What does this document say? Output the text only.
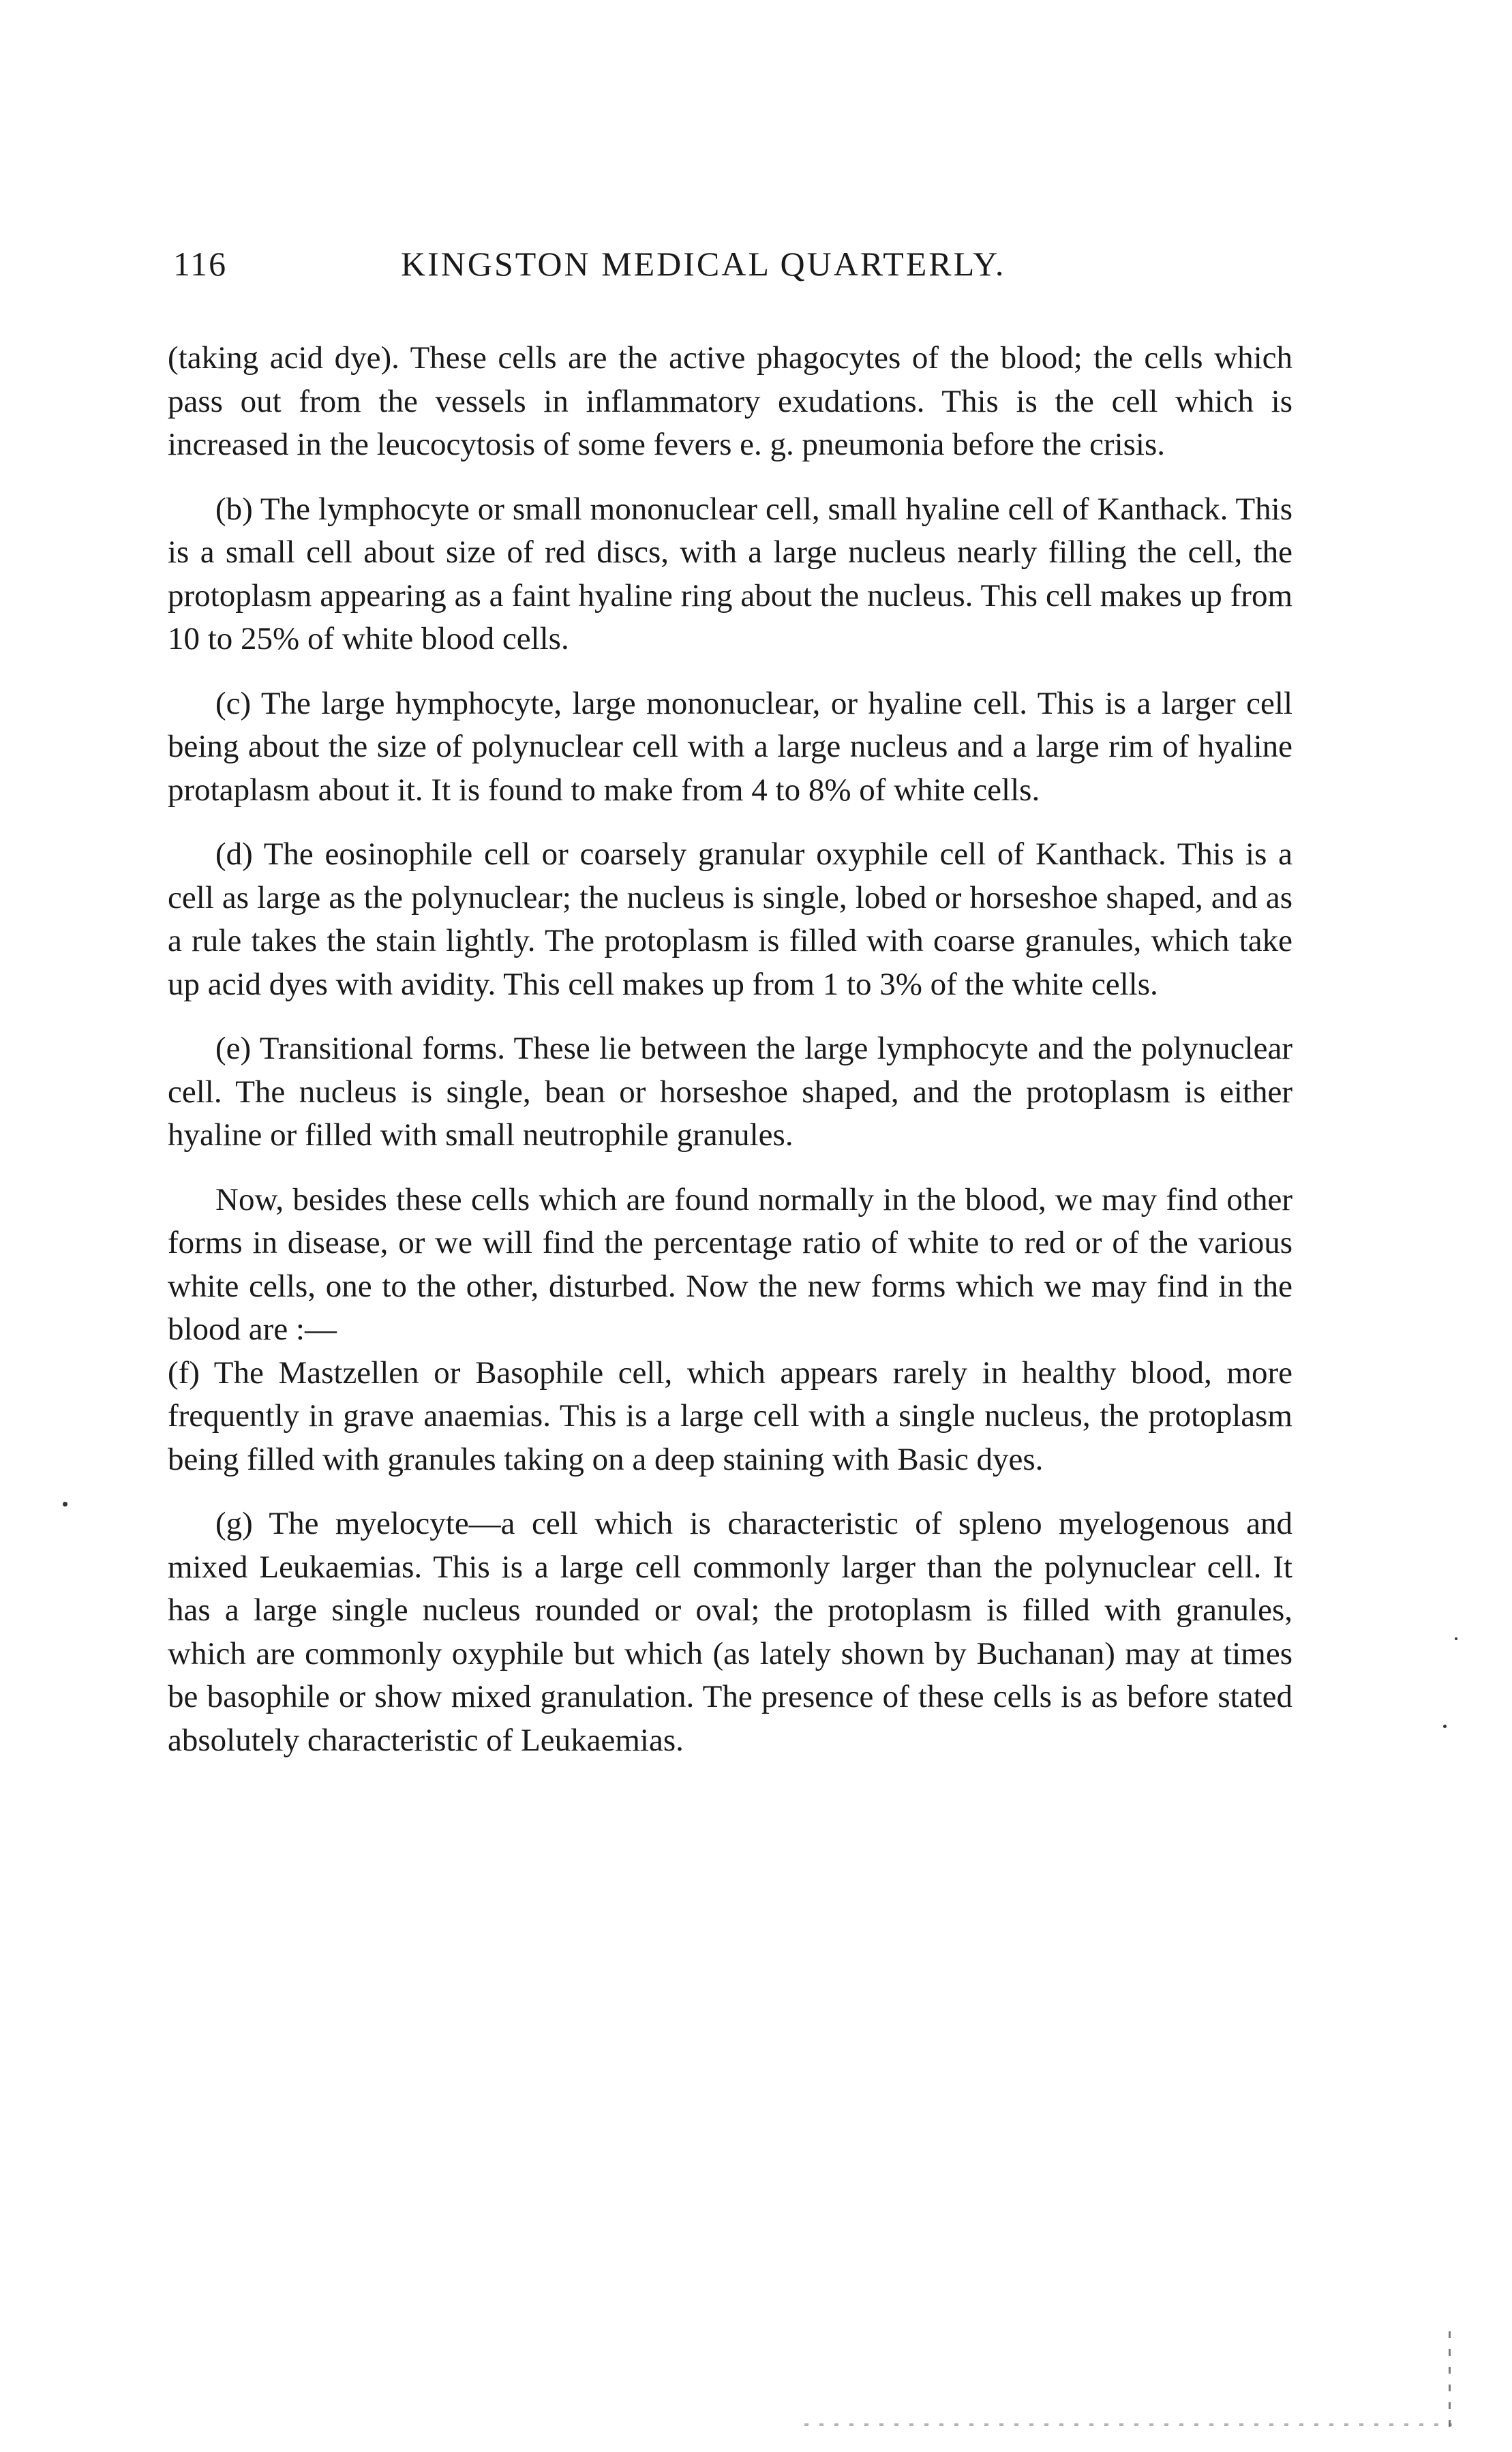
116	KINGSTON MEDICAL QUARTERLY.

(taking acid dye). These cells are the active phagocytes of the blood; the cells which pass out from the vessels in inflammatory exudations. This is the cell which is increased in the leucocytosis of some fevers e. g. pneumonia before the crisis.

(b) The lymphocyte or small mononuclear cell, small hyaline cell of Kanthack. This is a small cell about size of red discs, with a large nucleus nearly filling the cell, the protoplasm appearing as a faint hyaline ring about the nucleus. This cell makes up from 10 to 25% of white blood cells.

(c) The large hymphocyte, large mononuclear, or hyaline cell. This is a larger cell being about the size of polynuclear cell with a large nucleus and a large rim of hyaline protaplasm about it. It is found to make from 4 to 8% of white cells.

(d) The eosinophile cell or coarsely granular oxyphile cell of Kanthack. This is a cell as large as the polynuclear; the nucleus is single, lobed or horseshoe shaped, and as a rule takes the stain lightly. The protoplasm is filled with coarse granules, which take up acid dyes with avidity. This cell makes up from 1 to 3% of the white cells.

(e) Transitional forms. These lie between the large lymphocyte and the polynuclear cell. The nucleus is single, bean or horseshoe shaped, and the protoplasm is either hyaline or filled with small neutrophile granules.

Now, besides these cells which are found normally in the blood, we may find other forms in disease, or we will find the percentage ratio of white to red or of the various white cells, one to the other, disturbed. Now the new forms which we may find in the blood are :—

(f) The Mastzellen or Basophile cell, which appears rarely in healthy blood, more frequently in grave anaemias. This is a large cell with a single nucleus, the protoplasm being filled with granules taking on a deep staining with Basic dyes.

(g) The myelocyte—a cell which is characteristic of spleno myelogenous and mixed Leukaemias. This is a large cell commonly larger than the polynuclear cell. It has a large single nucleus rounded or oval; the protoplasm is filled with granules, which are commonly oxyphile but which (as lately shown by Buchanan) may at times be basophile or show mixed granulation. The presence of these cells is as before stated absolutely characteristic of Leukaemias.
